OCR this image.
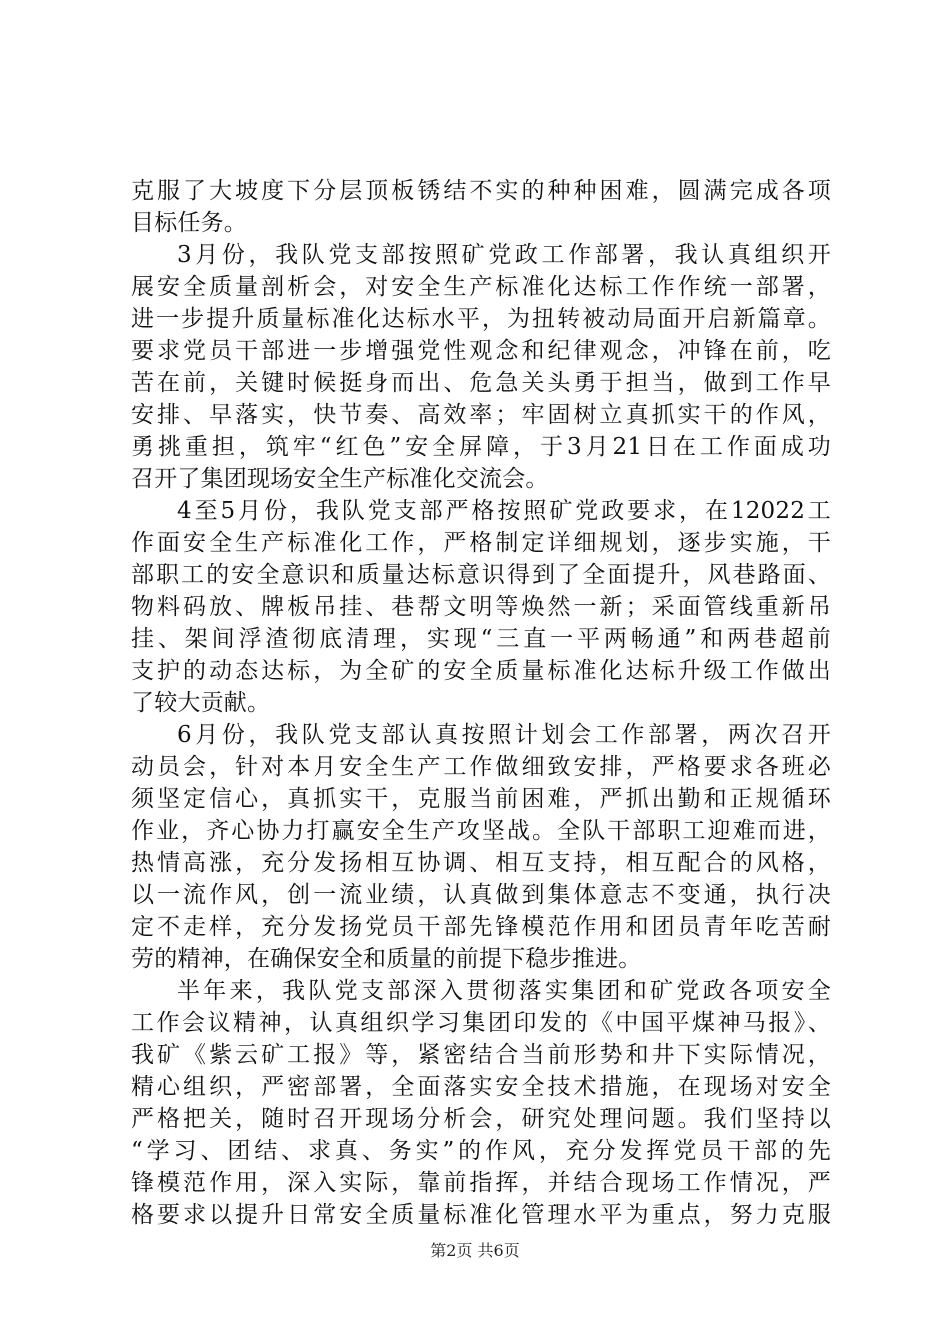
克服了大坡度下分层顶板锈结不实的种种困难，圆满完成各项
目标任务。
3月份，我队党支部按照矿党政工作部署，我认真组织开
展安全质量剖析会，对安全生产标准化达标工作作统一部署，
进一步提升质量标准化达标水平，为扭转被动局面开启新篇章。
要求党员干部进一步增强党性观念和纪律观念，冲锋在前，吃
苦在前，关键时候挺身而出、危急关头勇于担当，做到工作早
安排、早落实，快节奏、高效率；牢固树立真抓实干的作风，
勇挑重担，筑牢“红色”安全屏障，于3月21日在工作面成功
召开了集团现场安全生产标准化交流会。
4至5月份，我队党支部严格按照矿党政要求，在12022工
作面安全生产标准化工作，严格制定详细规划，逐步实施，干
部职工的安全意识和质量达标意识得到了全面提升，风巷路面、
物料码放、牌板吊挂、巷帮文明等焕然一新；采面管线重新吊
挂、架间浮渣彻底清理，实现“三直一平两畅通”和两巷超前
支护的动态达标，为全矿的安全质量标准化达标升级工作做出
了较大贡献。
6月份，我队党支部认真按照计划会工作部署，两次召开
动员会，针对本月安全生产工作做细致安排，严格要求各班必
须坚定信心，真抓实干，克服当前困难，严抓出勤和正规循环
作业，齐心协力打赢安全生产攻坚战。全队干部职工迎难而进，
热情高涨，充分发扬相互协调、相互支持，相互配合的风格，
以一流作风，创一流业绩，认真做到集体意志不变通，执行决
定不走样，充分发扬党员干部先锋模范作用和团员青年吃苦耐
劳的精神，在确保安全和质量的前提下稳步推进。
半年来，我队党支部深入贯彻落实集团和矿党政各项安全
工作会议精神，认真组织学习集团印发的《中国平煤神马报》、
我矿《紫云矿工报》等，紧密结合当前形势和井下实际情况，
精心组织，严密部署，全面落实安全技术措施，在现场对安全
严格把关，随时召开现场分析会，研究处理问题。我们坚持以
“学习、团结、求真、务实”的作风，充分发挥党员干部的先
锋模范作用，深入实际，靠前指挥，并结合现场工作情况，严
格要求以提升日常安全质量标准化管理水平为重点，努力克服
第2页 共6页
